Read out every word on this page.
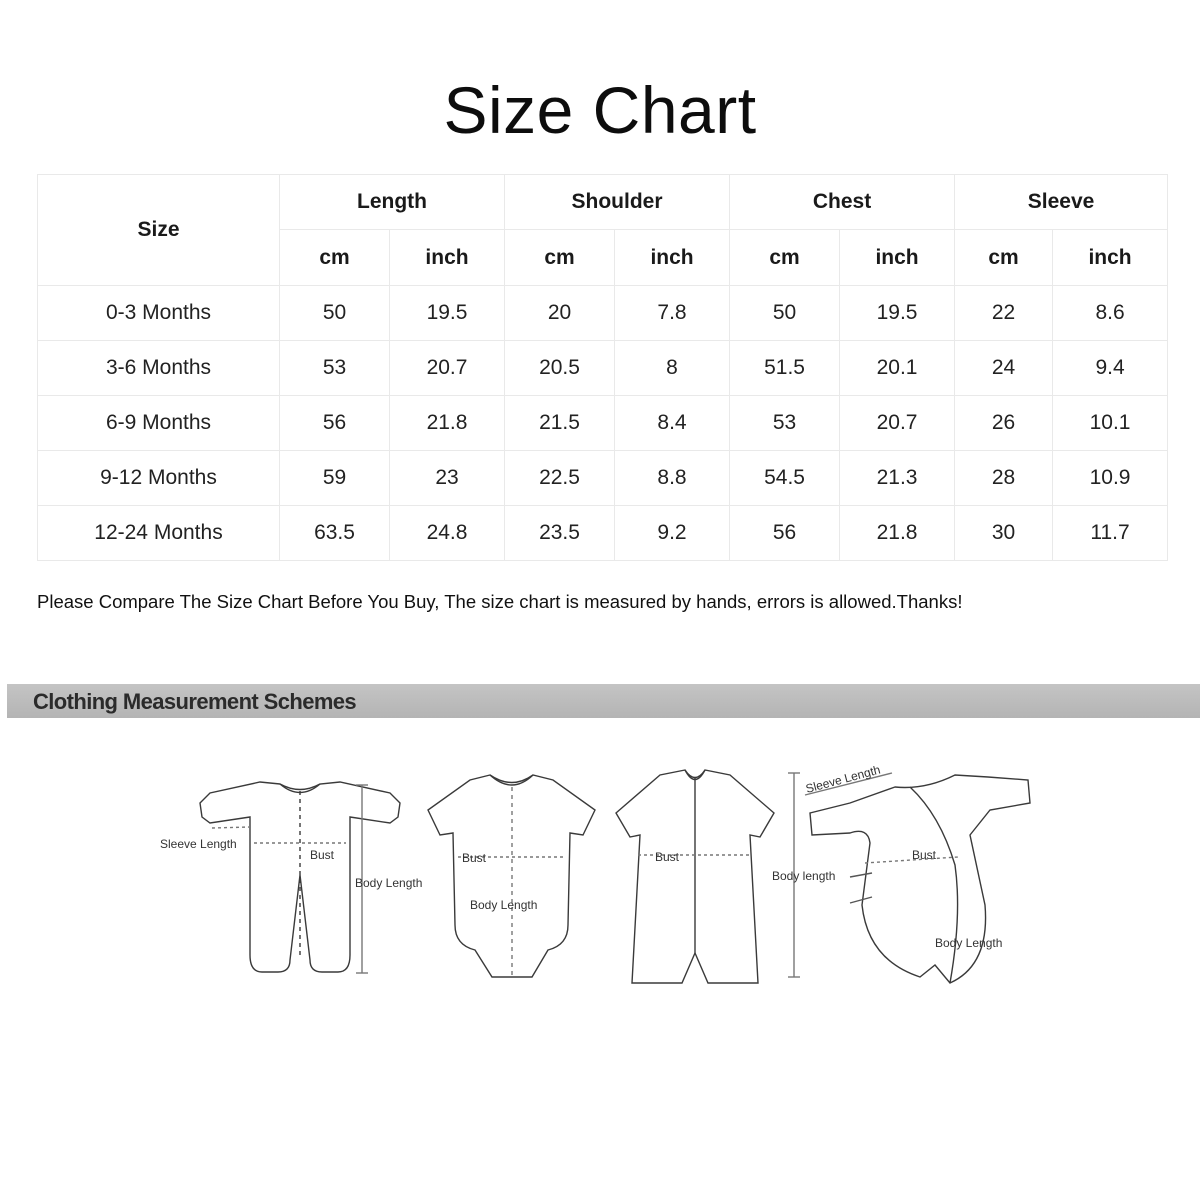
Size Chart
Size	Length		Shoulder		Chest		Sleeve	
	cm	inch	cm	inch	cm	inch	cm	inch
0-3 Months	50	19.5	20	7.8	50	19.5	22	8.6
3-6 Months	53	20.7	20.5	8	51.5	20.1	24	9.4
6-9 Months	56	21.8	21.5	8.4	53	20.7	26	10.1
9-12 Months	59	23	22.5	8.8	54.5	21.3	28	10.9
12-24 Months	63.5	24.8	23.5	9.2	56	21.8	30	11.7
Please Compare The Size Chart Before You Buy, The size chart is measured by hands, errors is allowed.Thanks!
Clothing Measurement Schemes
Sleeve Length
Bust
Body Length
Bust
Body Length
Bust
Body length
Sleeve Length
Bust
Body Length
